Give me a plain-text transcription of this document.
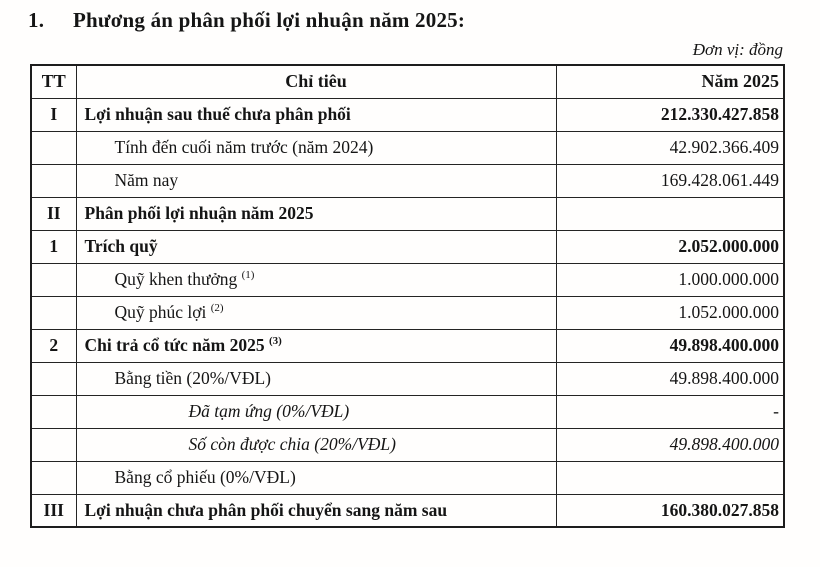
1.	Phương án phân phối lợi nhuận năm 2025:
Đơn vị: đồng
TT	Chỉ tiêu	Năm 2025
I	Lợi nhuận sau thuế chưa phân phối	212.330.427.858
	Tính đến cuối năm trước (năm 2024)	42.902.366.409
	Năm nay	169.428.061.449
II	Phân phối lợi nhuận năm 2025	
1	Trích quỹ	2.052.000.000
	Quỹ khen thưởng $^{(1)}$	1.000.000.000
	Quỹ phúc lợi $^{(2)}$	1.052.000.000
2	Chi trả cổ tức năm 2025 $^{(3)}$	49.898.400.000
	Bằng tiền (20%/VĐL)	49.898.400.000
	Đã tạm ứng (0%/VĐL)	-
	Số còn được chia (20%/VĐL)	49.898.400.000
	Bằng cổ phiếu (0%/VĐL)	
III	Lợi nhuận chưa phân phối chuyển sang năm sau	160.380.027.858
